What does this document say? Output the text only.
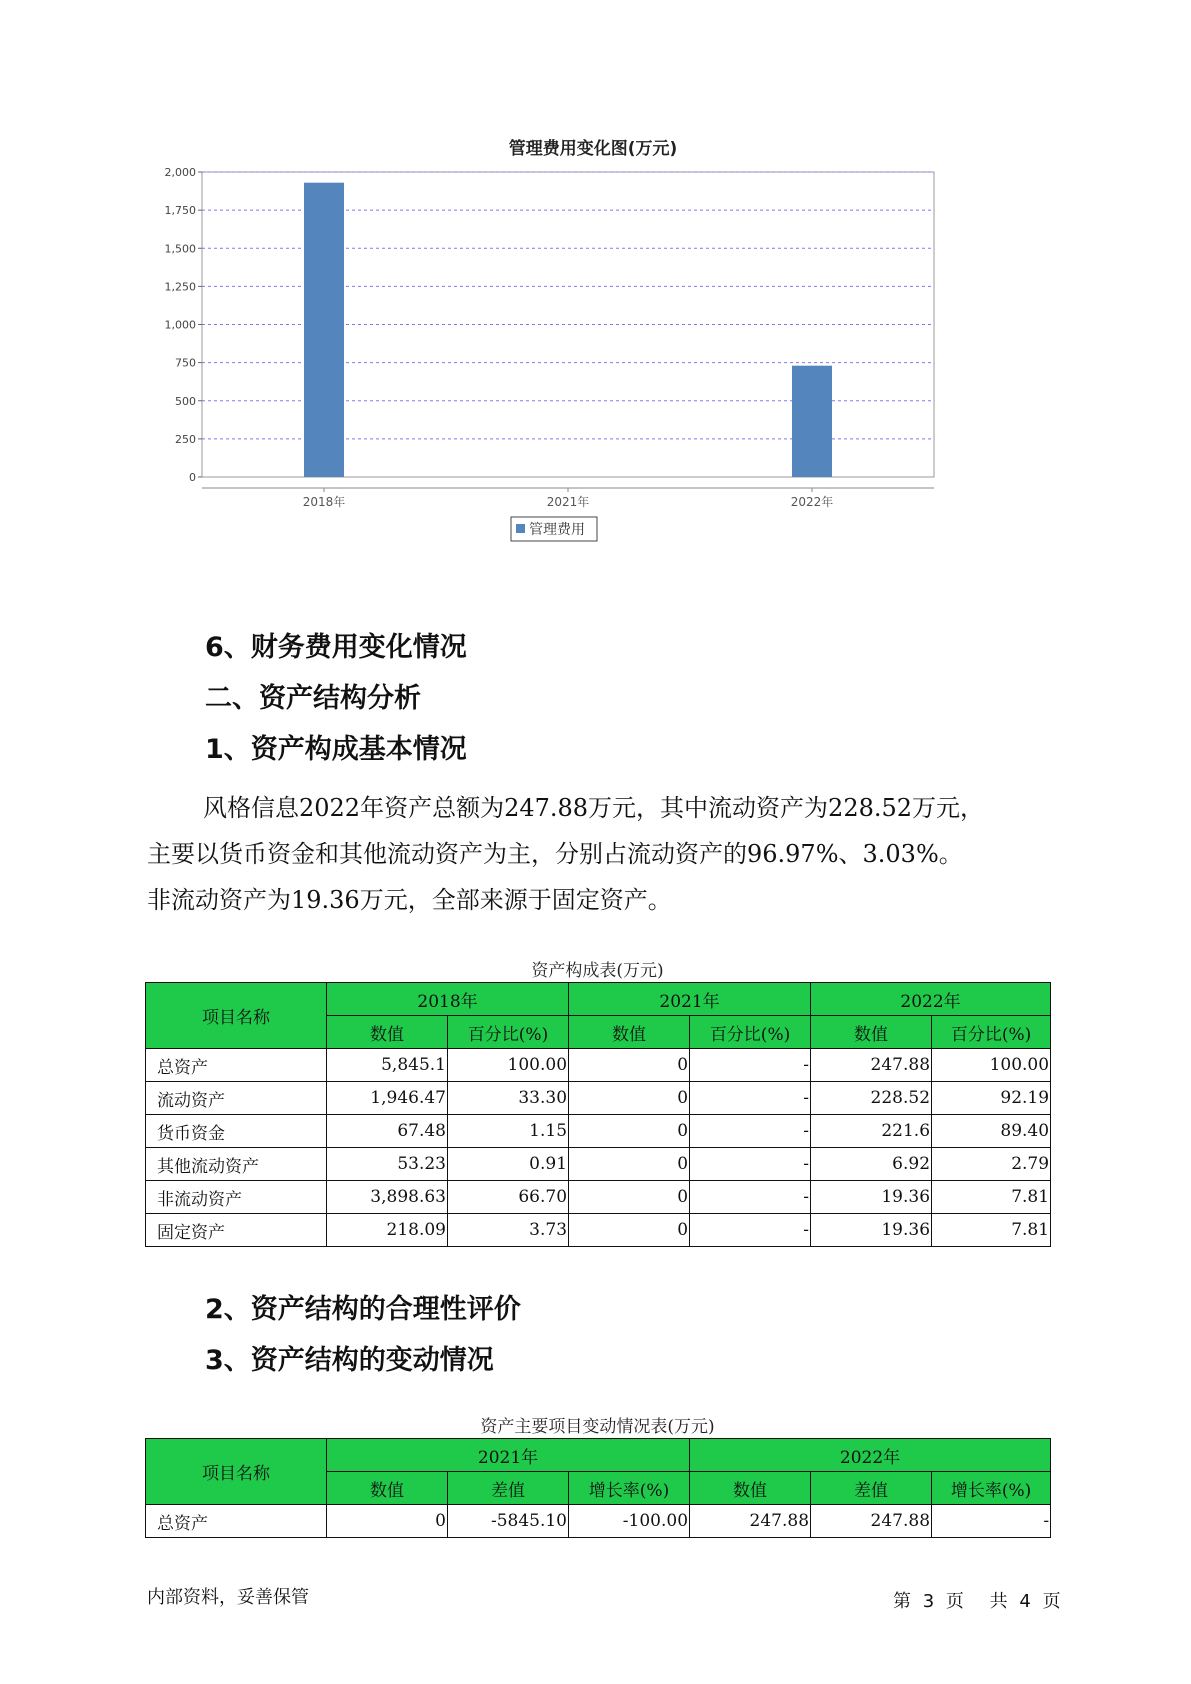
管理费用变化图(万元)
0
250
500
750
1,000
1,250
1,500
1,750
2,000
2018年	2021年	2022年
管理费用
6、财务费用变化情况
二、资产结构分析
1、资产构成基本情况

风格信息2022年资产总额为247.88万元，其中流动资产为228.52万元，

主要以货币资金和其他流动资产为主，分别占流动资产的96.97%、3.03%。

非流动资产为19.36万元，全部来源于固定资产。

资产构成表(万元)
项目名称	2018年		2021年		2022年	
	数值	百分比(%)	数值	百分比(%)	数值	百分比(%)
总资产	5,845.1	100.00	0	-	247.88	100.00
流动资产	1,946.47	33.30	0	-	228.52	92.19
货币资金	67.48	1.15	0	-	221.6	89.40
其他流动资产	53.23	0.91	0	-	6.92	2.79
非流动资产	3,898.63	66.70	0	-	19.36	7.81
固定资产	218.09	3.73	0	-	19.36	7.81
2、资产结构的合理性评价
3、资产结构的变动情况
资产主要项目变动情况表(万元)
项目名称	2021年			2022年		
	数值	差值	增长率(%)	数值	差值	增长率(%)
总资产	0	-5845.10	-100.00	247.88	247.88	-
内部资料，妥善保管	第 3 页 共 4 页
